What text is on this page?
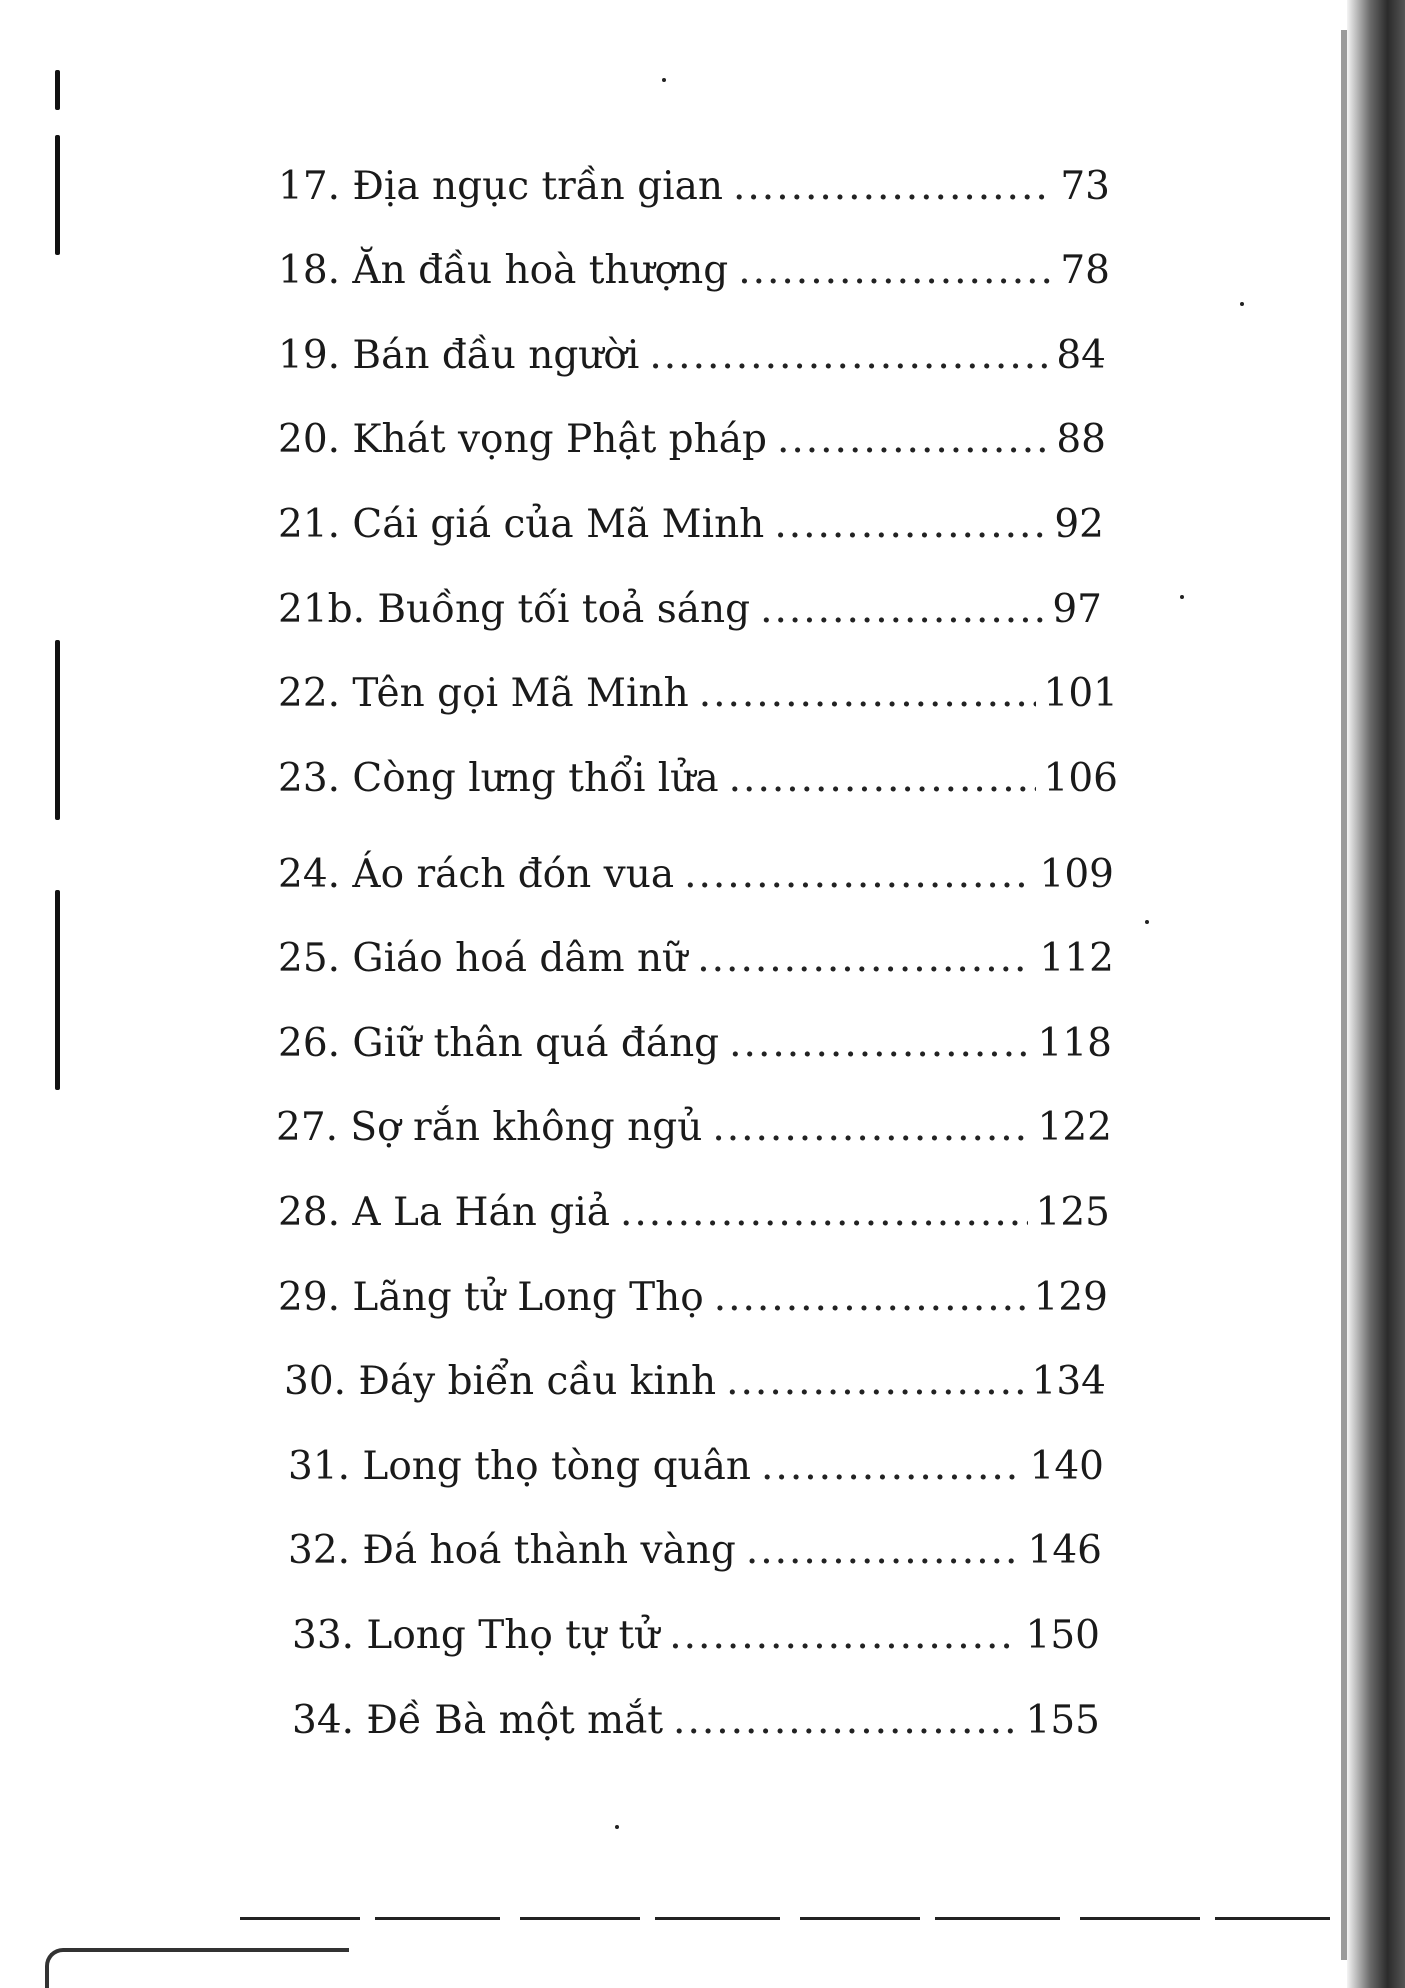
17. Địa ngục trần gian .....	73
18. Ăn đầu hoà thượng .....	78
19. Bán đầu người .....	84
20. Khát vọng Phật pháp .....	88
21. Cái giá của Mã Minh .....	92
21b. Buồng tối toả sáng .....	97
22. Tên gọi Mã Minh .....	101
23. Còng lưng thổi lửa .....	106
24. Áo rách đón vua .....	109
25. Giáo hoá dâm nữ .....	112
26. Giữ thân quá đáng .....	118
27. Sợ rắn không ngủ .....	122
28. A La Hán giả .....	125
29. Lãng tử Long Thọ .....	129
30. Đáy biển cầu kinh .....	134
31. Long thọ tòng quân .....	140
32. Đá hoá thành vàng .....	146
33. Long Thọ tự tử .....	150
34. Đề Bà một mắt .....	155
